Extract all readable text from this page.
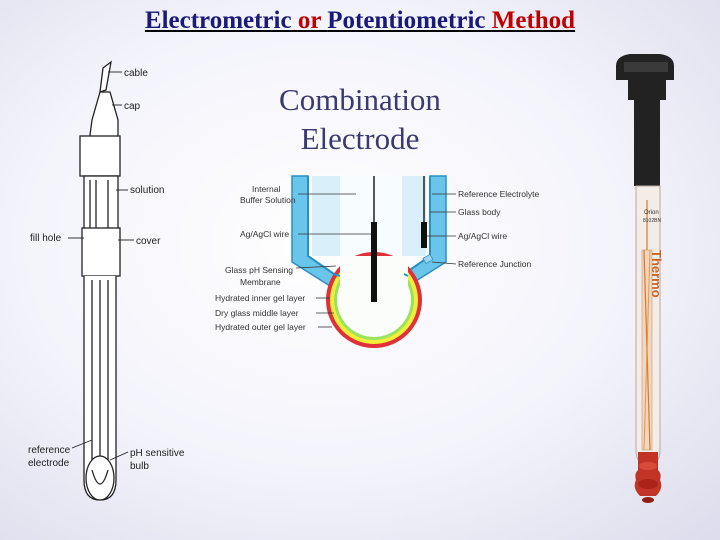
Electrometric or Potentiometric Method
Combination
Electrode
cable
cap
solution
fill hole	cover
reference
electrode
pH sensitive
bulb
Internal
Buffer Solution
Ag/AgCl wire
Glass pH Sensing
Membrane
Hydrated inner gel layer
Dry glass middle layer
Hydrated outer gel layer
Reference Electrolyte
Glass body
Ag/AgCl wire
Reference Junction
Orion
8102BN
Thermo
